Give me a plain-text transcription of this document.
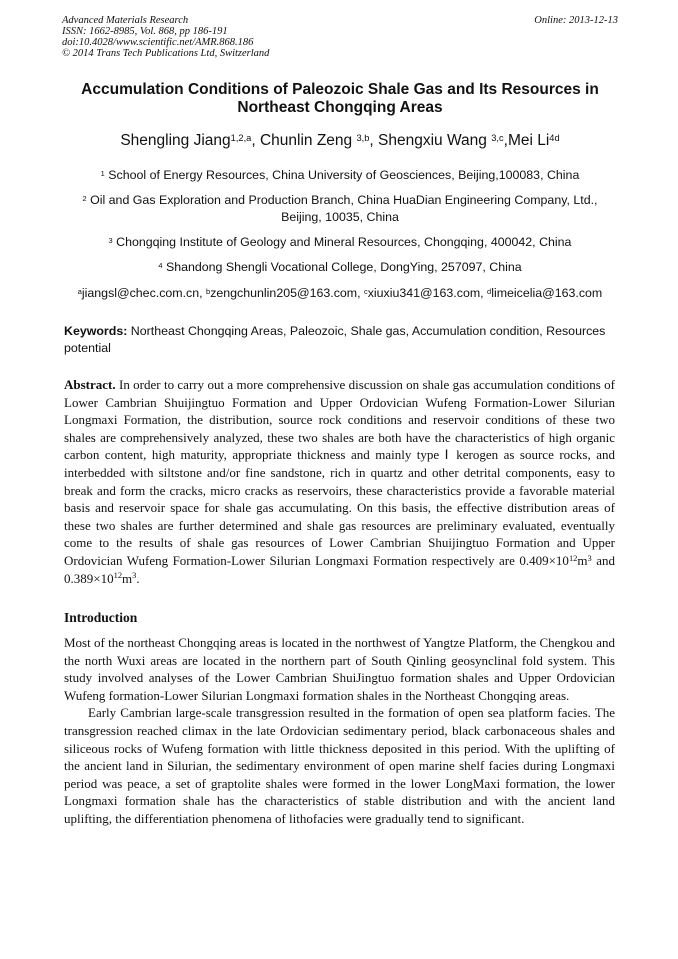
Advanced Materials Research
ISSN: 1662-8985, Vol. 868, pp 186-191
doi:10.4028/www.scientific.net/AMR.868.186
© 2014 Trans Tech Publications Ltd, Switzerland
Online: 2013-12-13
Accumulation Conditions of Paleozoic Shale Gas and Its Resources in Northeast Chongqing Areas
Shengling Jiang$^{1,2,a}$, Chunlin Zeng $^{3,b}$, Shengxiu Wang $^{3,c}$,Mei $Li^{4d}$
$^1$ School of Energy Resources, China University of Geosciences, Beijing,100083, China
$^2$ Oil and Gas Exploration and Production Branch, China HuaDian Engineering Company, Ltd., Beijing, 10035, China
$^3$ Chongqing Institute of Geology and Mineral Resources, Chongqing, 400042, China
$^4$ Shandong Shengli Vocational College, DongYing, 257097, China
$^a$jiangsl@chec.com.cn, $^b$zengchunlin205@163.com, $^c$xiuxiu341@163.com, $^d$limeicelia@163.com
Keywords: Northeast Chongqing Areas, Paleozoic, Shale gas, Accumulation condition, Resources potential
Abstract. In order to carry out a more comprehensive discussion on shale gas accumulation conditions of Lower Cambrian Shuijingtuo Formation and Upper Ordovician Wufeng Formation-Lower Silurian Longmaxi Formation, the distribution, source rock conditions and reservoir conditions of these two shales are comprehensively analyzed, these two shales are both have the characteristics of high organic carbon content, high maturity, appropriate thickness and mainly type Ⅰ kerogen as source rocks, and interbedded with siltstone and/or fine sandstone, rich in quartz and other detrital components, easy to break and form the cracks, micro cracks as reservoirs, these characteristics provide a favorable material basis and reservoir space for shale gas accumulating. On this basis, the effective distribution areas of these two shales are further determined and shale gas resources are preliminary evaluated, eventually come to the results of shale gas resources of Lower Cambrian Shuijingtuo Formation and Upper Ordovician Wufeng Formation-Lower Silurian Longmaxi Formation respectively are $0.409\times 10^{12}m^3$ and $0.389\times 10^{12}m^3$.
Introduction

Most of the northeast Chongqing areas is located in the northwest of Yangtze Platform, the Chengkou and the north Wuxi areas are located in the northern part of South Qinling geosynclinal fold system. This study involved analyses of the Lower Cambrian ShuiJingtuo formation shales and Upper Ordovician Wufeng formation-Lower Silurian Longmaxi formation shales in the Northeast Chongqing areas.

Early Cambrian large-scale transgression resulted in the formation of open sea platform facies. The transgression reached climax in the late Ordovician sedimentary period, black carbonaceous shales and siliceous rocks of Wufeng formation with little thickness deposited in this period. With the uplifting of the ancient land in Silurian, the sedimentary environment of open marine shelf facies during Longmaxi period was peace, a set of graptolite shales were formed in the lower LongMaxi formation, the lower Longmaxi formation shale has the characteristics of stable distribution and with the ancient land uplifting, the differentiation phenomena of lithofacies were gradually tend to significant.
